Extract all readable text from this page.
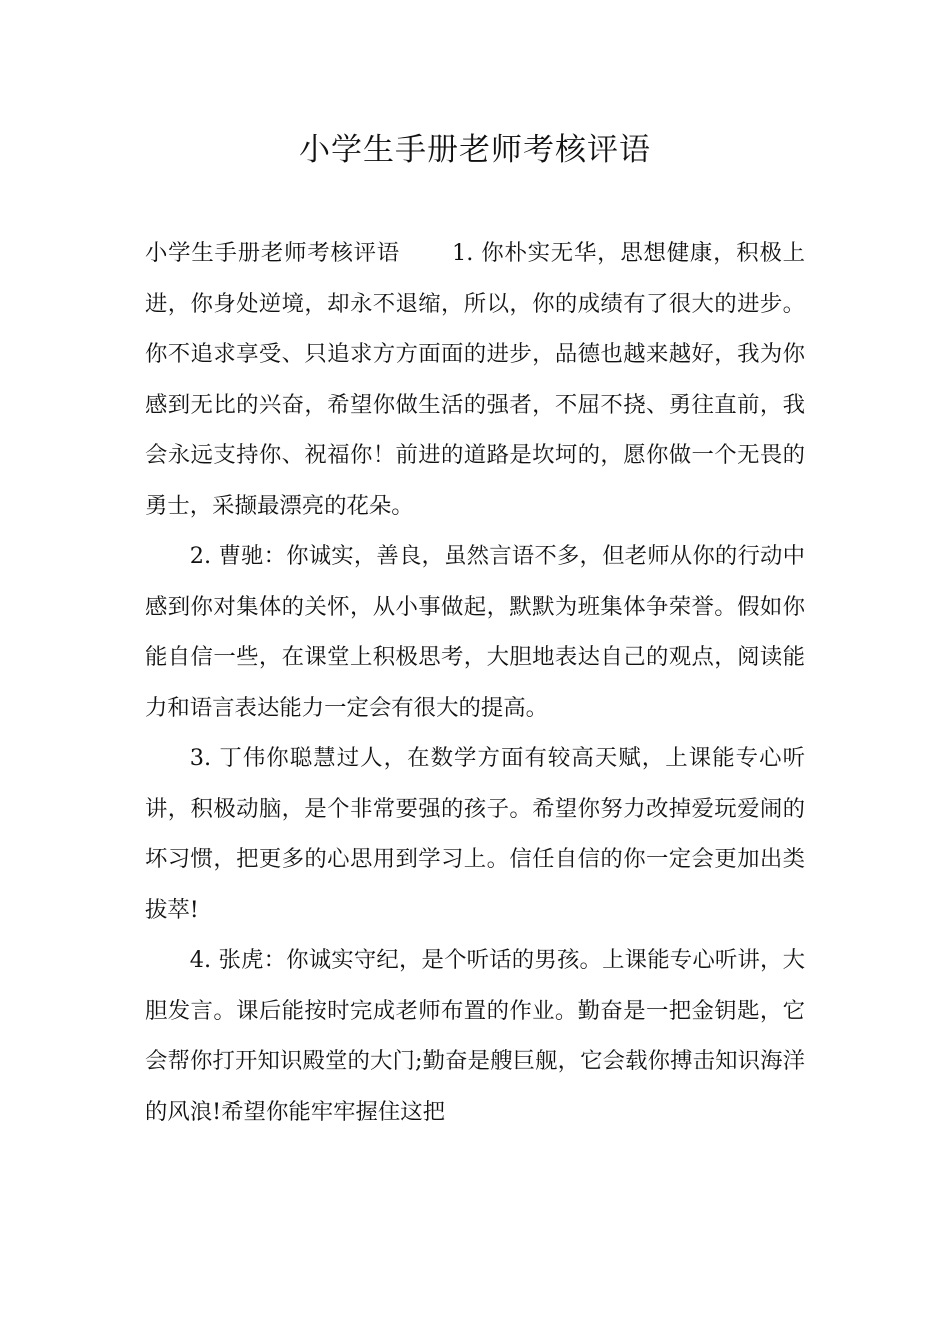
小学生手册老师考核评语

小学生手册老师考核评语 1. 你朴实无华，思想健康，积极上进，你身处逆境，却永不退缩，所以，你的成绩有了很大的进步。你不追求享受、只追求方方面面的进步，品德也越来越好，我为你感到无比的兴奋，希望你做生活的强者，不屈不挠、勇往直前，我会永远支持你、祝福你！前进的道路是坎坷的，愿你做一个无畏的勇士，采撷最漂亮的花朵。

2. 曹驰：你诚实，善良，虽然言语不多，但老师从你的行动中感到你对集体的关怀，从小事做起，默默为班集体争荣誉。假如你能自信一些，在课堂上积极思考，大胆地表达自己的观点，阅读能力和语言表达能力一定会有很大的提高。

3. 丁伟你聪慧过人，在数学方面有较高天赋，上课能专心听讲，积极动脑，是个非常要强的孩子。希望你努力改掉爱玩爱闹的坏习惯，把更多的心思用到学习上。信任自信的你一定会更加出类拔萃!

4. 张虎：你诚实守纪，是个听话的男孩。上课能专心听讲，大胆发言。课后能按时完成老师布置的作业。勤奋是一把金钥匙，它会帮你打开知识殿堂的大门;勤奋是艘巨舰，它会载你搏击知识海洋的风浪!希望你能牢牢握住这把
